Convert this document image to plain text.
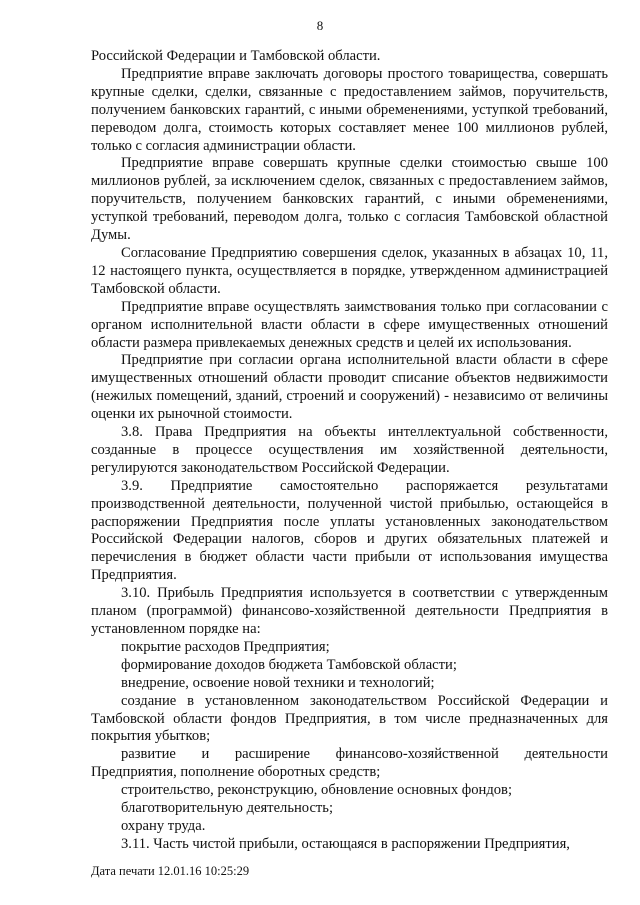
8

Российской Федерации и Тамбовской области.

Предприятие вправе заключать договоры простого товарищества, совершать крупные сделки, сделки, связанные с предоставлением займов, поручительств, получением банковских гарантий, с иными обременениями, уступкой требований, переводом долга, стоимость которых составляет менее 100 миллионов рублей, только с согласия администрации области.

Предприятие вправе совершать крупные сделки стоимостью свыше 100 миллионов рублей, за исключением сделок, связанных с предоставлением займов, поручительств, получением банковских гарантий, с иными обременениями, уступкой требований, переводом долга, только с согласия Тамбовской областной Думы.

Согласование Предприятию совершения сделок, указанных в абзацах 10, 11, 12 настоящего пункта, осуществляется в порядке, утвержденном администрацией Тамбовской области.

Предприятие вправе осуществлять заимствования только при согласовании с органом исполнительной власти области в сфере имущественных отношений области размера привлекаемых денежных средств и целей их использования.

Предприятие при согласии органа исполнительной власти области в сфере имущественных отношений области проводит списание объектов недвижимости (нежилых помещений, зданий, строений и сооружений) - независимо от величины оценки их рыночной стоимости.

3.8. Права Предприятия на объекты интеллектуальной собственности, созданные в процессе осуществления им хозяйственной деятельности, регулируются законодательством Российской Федерации.

3.9. Предприятие самостоятельно распоряжается результатами производственной деятельности, полученной чистой прибылью, остающейся в распоряжении Предприятия после уплаты установленных законодательством Российской Федерации налогов, сборов и других обязательных платежей и перечисления в бюджет области части прибыли от использования имущества Предприятия.

3.10. Прибыль Предприятия используется в соответствии с утвержденным планом (программой) финансово-хозяйственной деятельности Предприятия в установленном порядке на:

покрытие расходов Предприятия;

формирование доходов бюджета Тамбовской области;

внедрение, освоение новой техники и технологий;

создание в установленном законодательством Российской Федерации и Тамбовской области фондов Предприятия, в том числе предназначенных для покрытия убытков;

развитие и расширение финансово-хозяйственной деятельности Предприятия, пополнение оборотных средств;

строительство, реконструкцию, обновление основных фондов;

благотворительную деятельность;

охрану труда.

3.11. Часть чистой прибыли, остающаяся в распоряжении Предприятия,

Дата печати 12.01.16 10:25:29
